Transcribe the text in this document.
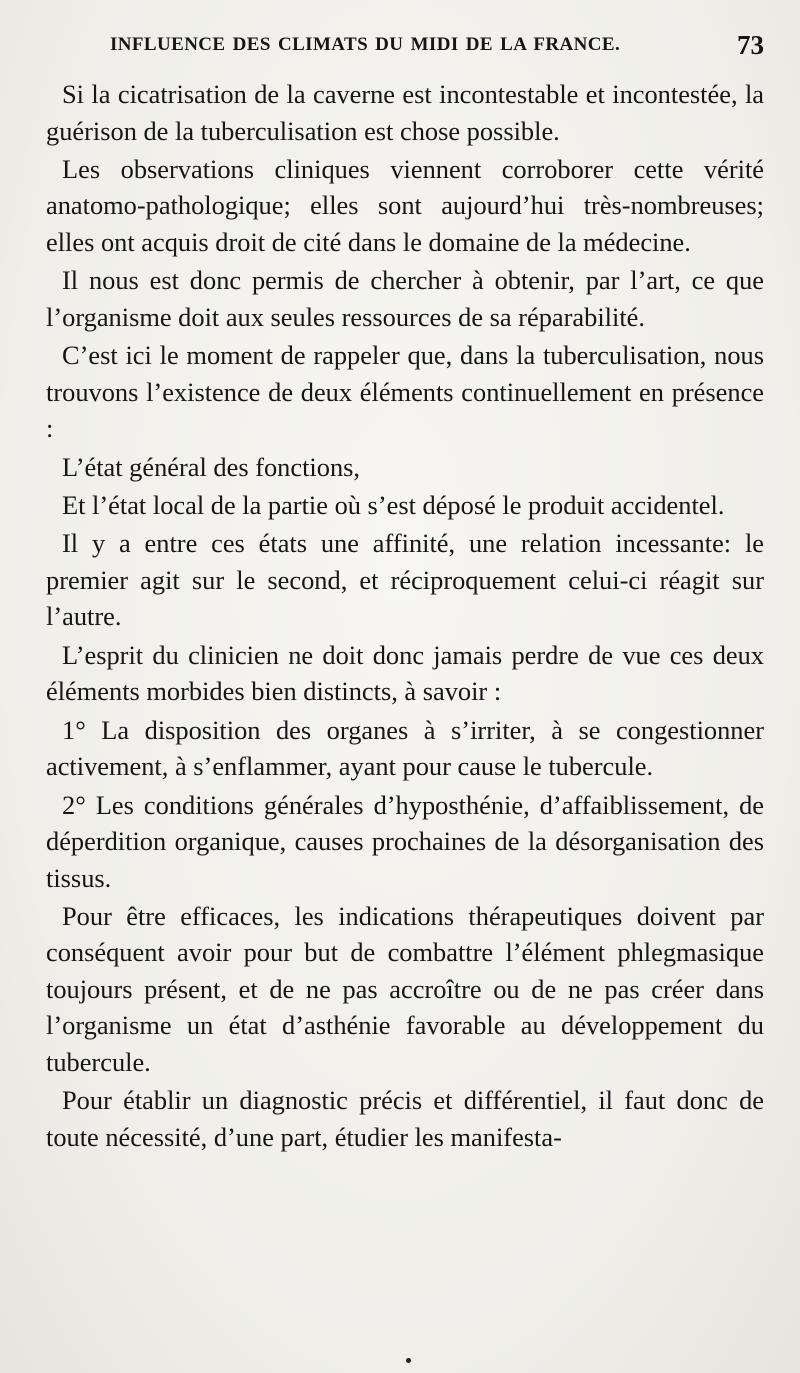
INFLUENCE DES CLIMATS DU MIDI DE LA FRANCE.	73

Si la cicatrisation de la caverne est incontestable et incontestée, la guérison de la tuberculisation est chose possible.

Les observations cliniques viennent corroborer cette vérité anatomo-pathologique; elles sont aujourd’hui très-nombreuses; elles ont acquis droit de cité dans le domaine de la médecine.

Il nous est donc permis de chercher à obtenir, par l’art, ce que l’organisme doit aux seules ressources de sa réparabilité.

C’est ici le moment de rappeler que, dans la tuberculisation, nous trouvons l’existence de deux éléments continuellement en présence :

L’état général des fonctions,

Et l’état local de la partie où s’est déposé le produit accidentel.

Il y a entre ces états une affinité, une relation incessante: le premier agit sur le second, et réciproquement celui-ci réagit sur l’autre.

L’esprit du clinicien ne doit donc jamais perdre de vue ces deux éléments morbides bien distincts, à savoir :

1° La disposition des organes à s’irriter, à se congestionner activement, à s’enflammer, ayant pour cause le tubercule.

2° Les conditions générales d’hyposthénie, d’affaiblissement, de déperdition organique, causes prochaines de la désorganisation des tissus.

Pour être efficaces, les indications thérapeutiques doivent par conséquent avoir pour but de combattre l’élément phlegmasique toujours présent, et de ne pas accroître ou de ne pas créer dans l’organisme un état d’asthénie favorable au développement du tubercule.

Pour établir un diagnostic précis et différentiel, il faut donc de toute nécessité, d’une part, étudier les manifesta-
